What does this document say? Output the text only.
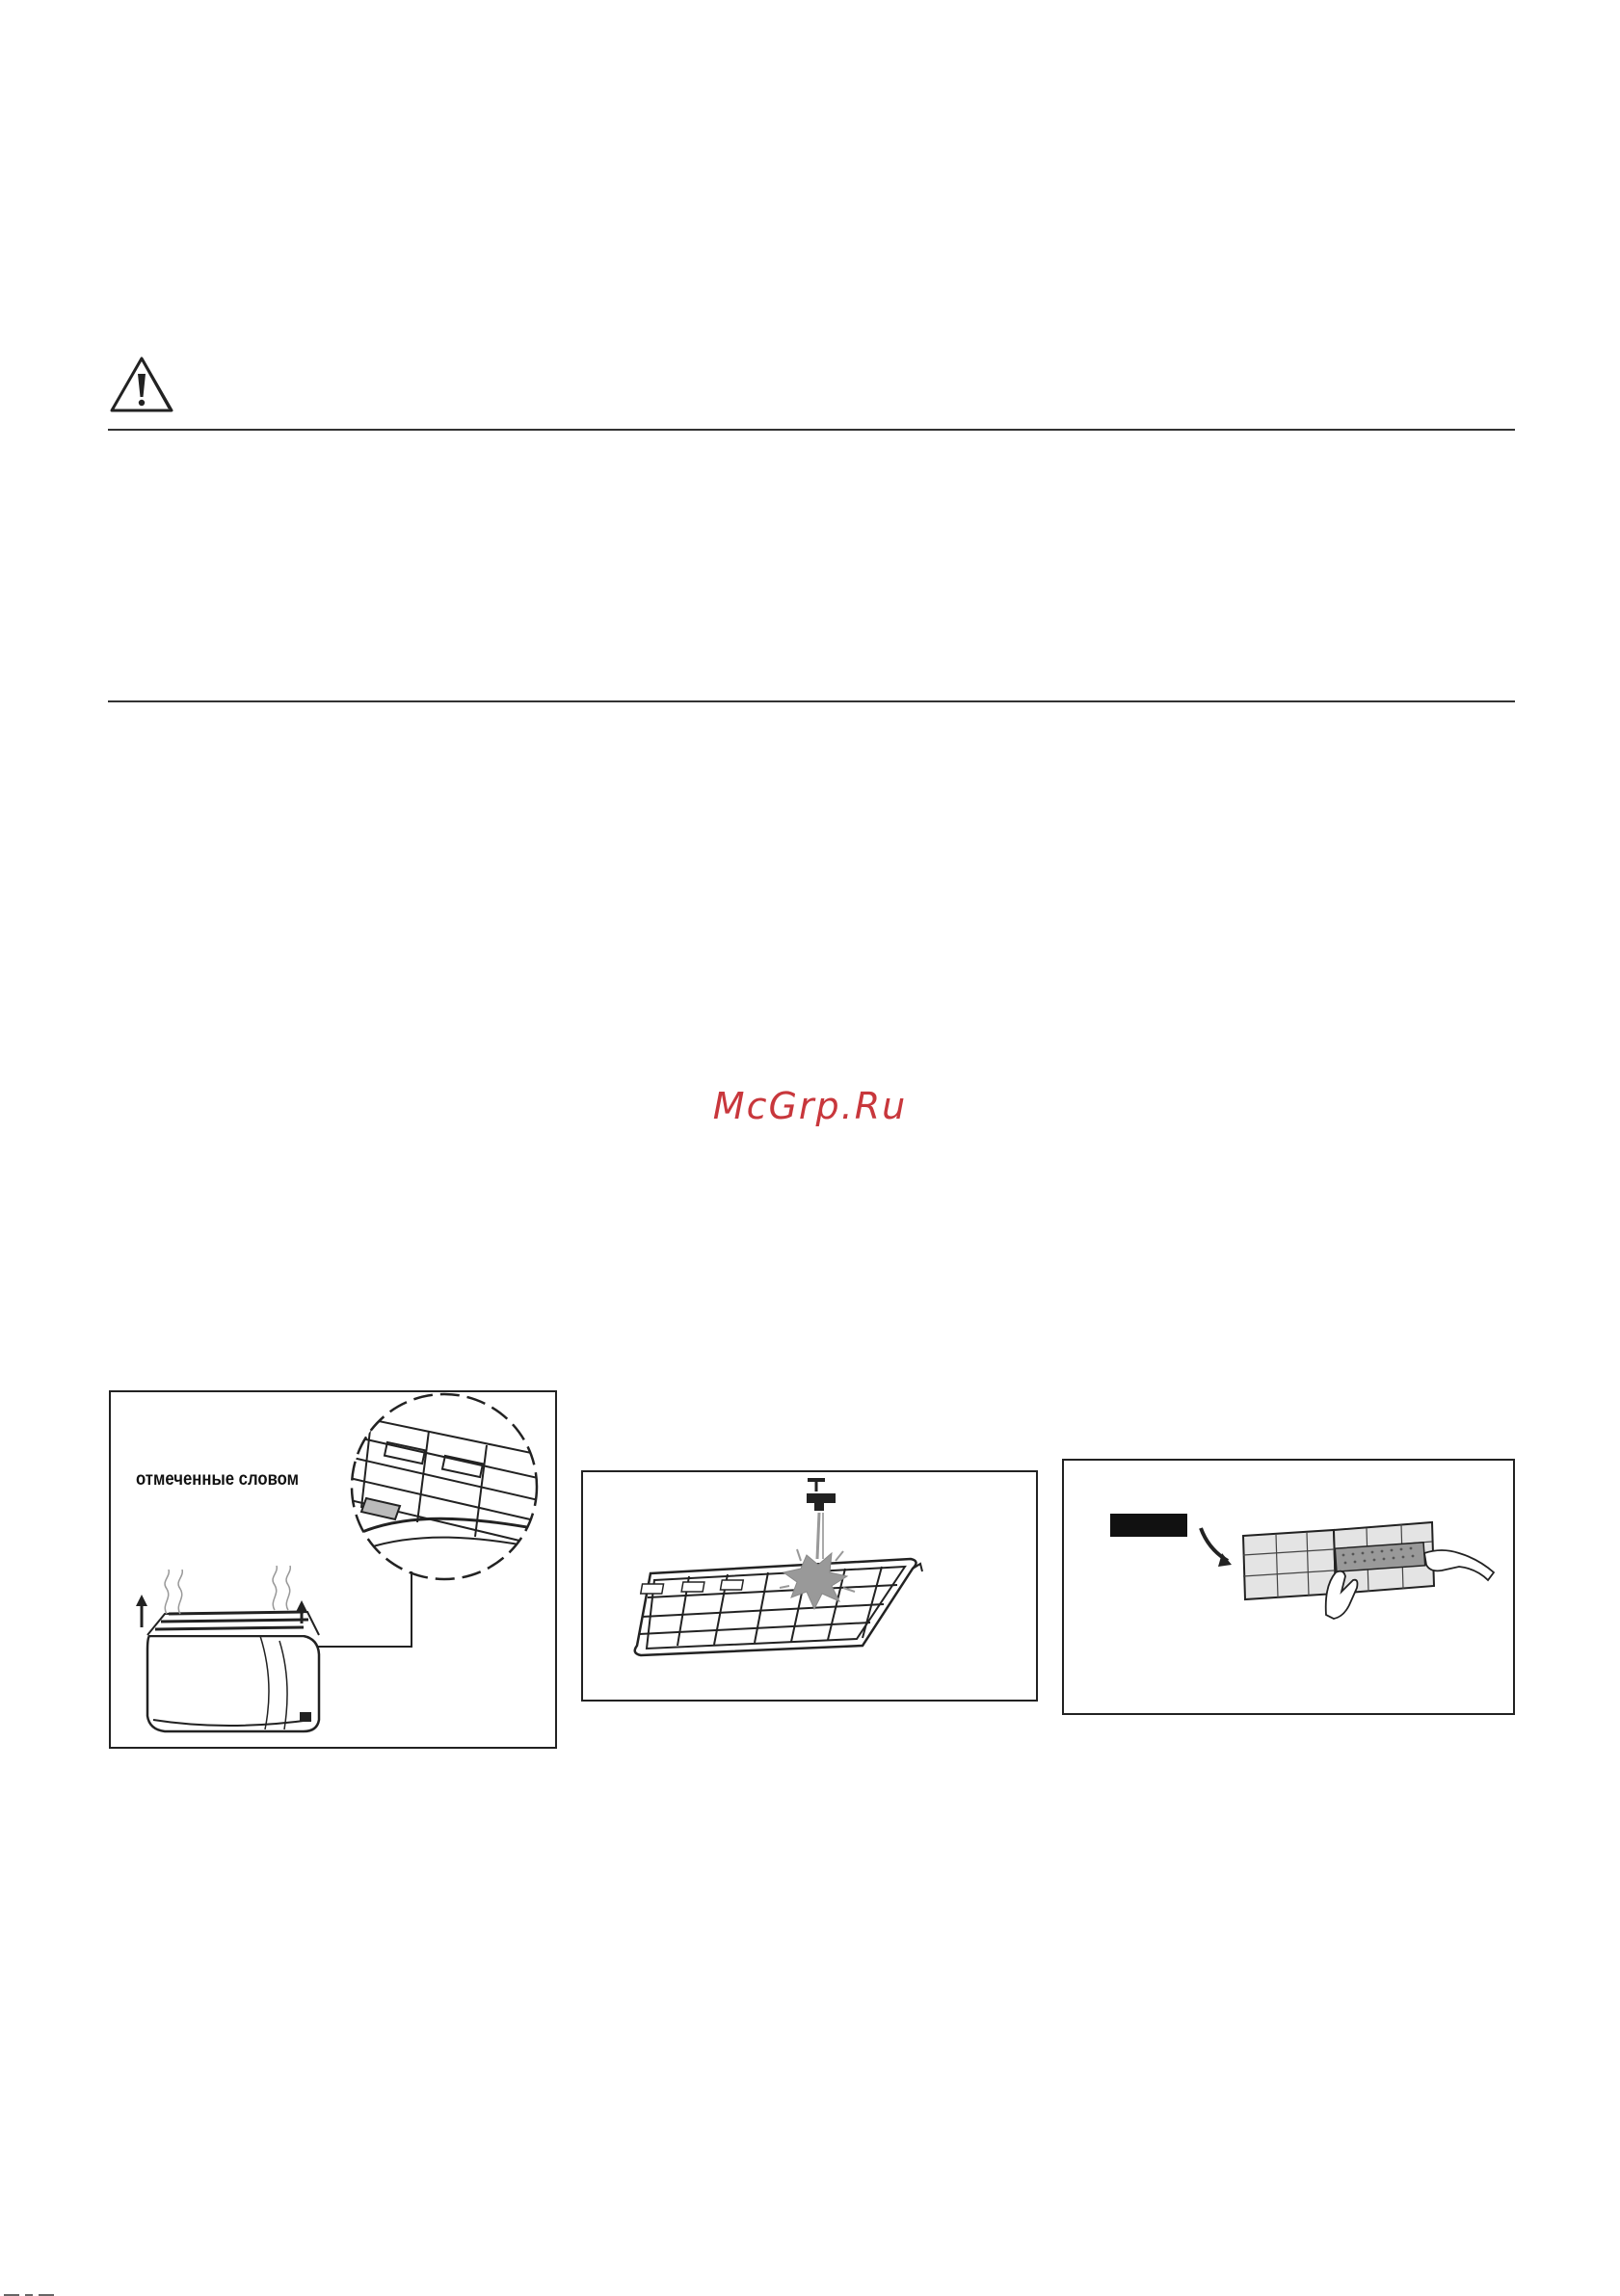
McGrp.Ru
отмеченные словом
